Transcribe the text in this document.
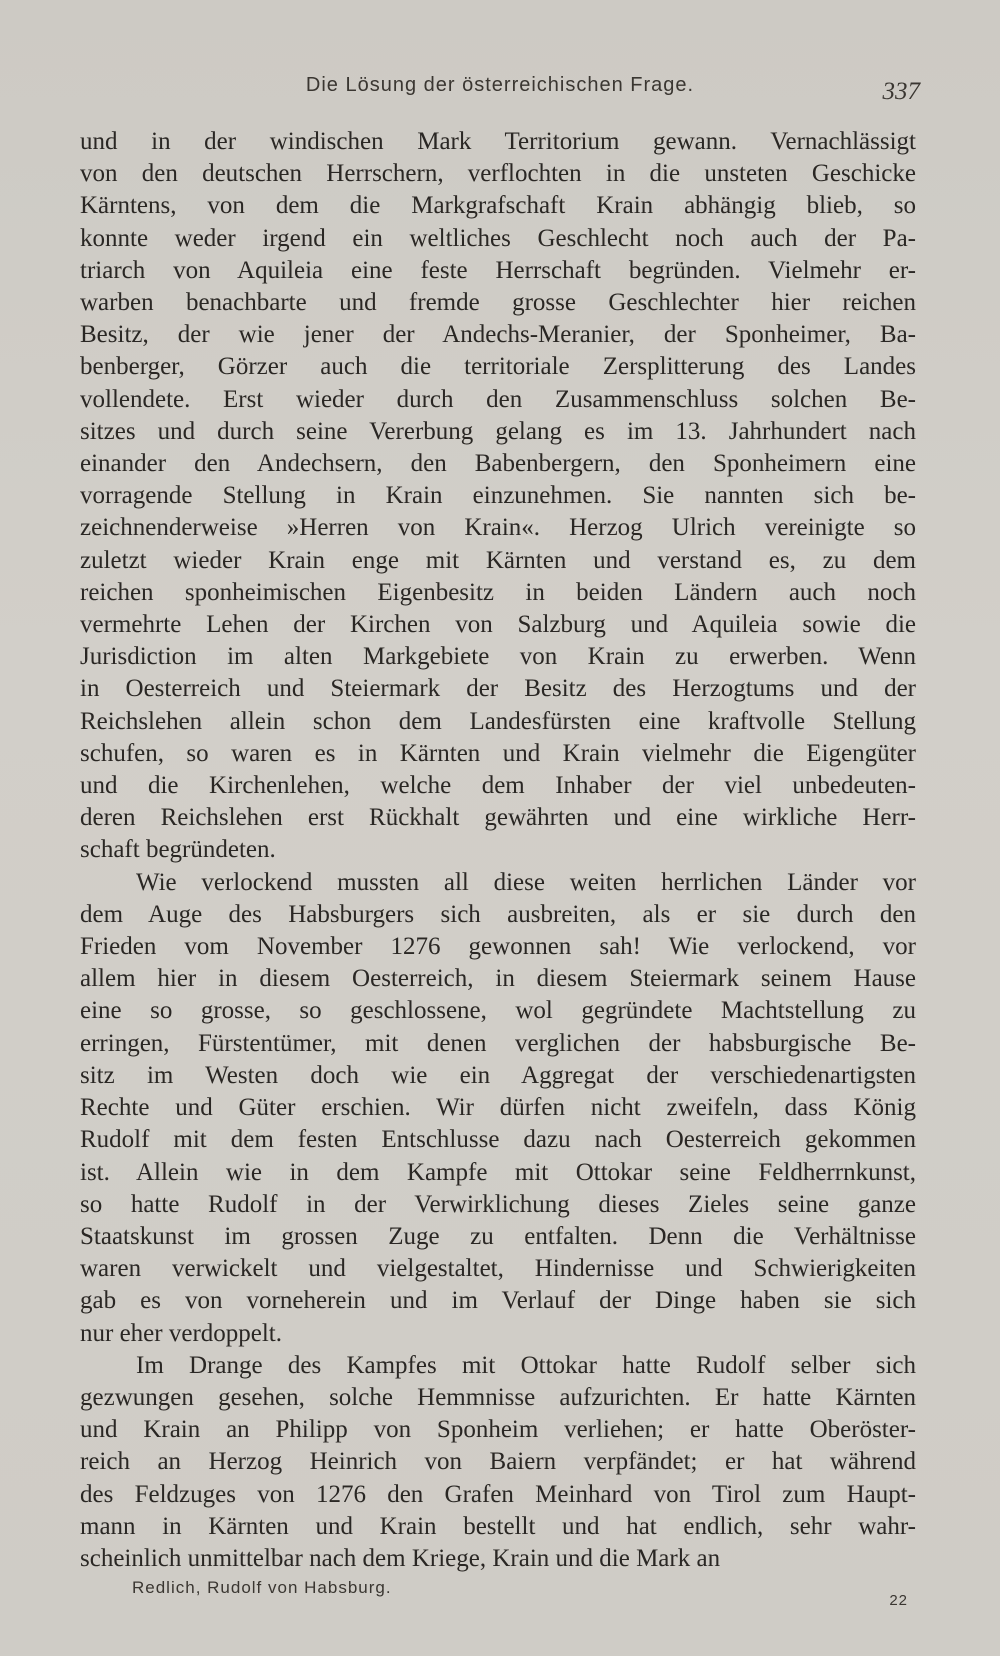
Die Lösung der österreichischen Frage.	337
und in der windischen Mark Territorium gewann. Vernachlässigt
von den deutschen Herrschern, verflochten in die unsteten Geschicke
Kärntens, von dem die Markgrafschaft Krain abhängig blieb, so
konnte weder irgend ein weltliches Geschlecht noch auch der Pa-
triarch von Aquileia eine feste Herrschaft begründen. Vielmehr er-
warben benachbarte und fremde grosse Geschlechter hier reichen
Besitz, der wie jener der Andechs-Meranier, der Sponheimer, Ba-
benberger, Görzer auch die territoriale Zersplitterung des Landes
vollendete. Erst wieder durch den Zusammenschluss solchen Be-
sitzes und durch seine Vererbung gelang es im 13. Jahrhundert nach
einander den Andechsern, den Babenbergern, den Sponheimern eine
vorragende Stellung in Krain einzunehmen. Sie nannten sich be-
zeichnenderweise »Herren von Krain«. Herzog Ulrich vereinigte so
zuletzt wieder Krain enge mit Kärnten und verstand es, zu dem
reichen sponheimischen Eigenbesitz in beiden Ländern auch noch
vermehrte Lehen der Kirchen von Salzburg und Aquileia sowie die
Jurisdiction im alten Markgebiete von Krain zu erwerben. Wenn
in Oesterreich und Steiermark der Besitz des Herzogtums und der
Reichslehen allein schon dem Landesfürsten eine kraftvolle Stellung
schufen, so waren es in Kärnten und Krain vielmehr die Eigengüter
und die Kirchenlehen, welche dem Inhaber der viel unbedeuten-
deren Reichslehen erst Rückhalt gewährten und eine wirkliche Herr-
schaft begründeten.
Wie verlockend mussten all diese weiten herrlichen Länder vor
dem Auge des Habsburgers sich ausbreiten, als er sie durch den
Frieden vom November 1276 gewonnen sah! Wie verlockend, vor
allem hier in diesem Oesterreich, in diesem Steiermark seinem Hause
eine so grosse, so geschlossene, wol gegründete Machtstellung zu
erringen, Fürstentümer, mit denen verglichen der habsburgische Be-
sitz im Westen doch wie ein Aggregat der verschiedenartigsten
Rechte und Güter erschien. Wir dürfen nicht zweifeln, dass König
Rudolf mit dem festen Entschlusse dazu nach Oesterreich gekommen
ist. Allein wie in dem Kampfe mit Ottokar seine Feldherrnkunst,
so hatte Rudolf in der Verwirklichung dieses Zieles seine ganze
Staatskunst im grossen Zuge zu entfalten. Denn die Verhältnisse
waren verwickelt und vielgestaltet, Hindernisse und Schwierigkeiten
gab es von vorneherein und im Verlauf der Dinge haben sie sich
nur eher verdoppelt.
Im Drange des Kampfes mit Ottokar hatte Rudolf selber sich
gezwungen gesehen, solche Hemmnisse aufzurichten. Er hatte Kärnten
und Krain an Philipp von Sponheim verliehen; er hatte Oberöster-
reich an Herzog Heinrich von Baiern verpfändet; er hat während
des Feldzuges von 1276 den Grafen Meinhard von Tirol zum Haupt-
mann in Kärnten und Krain bestellt und hat endlich, sehr wahr-
scheinlich unmittelbar nach dem Kriege, Krain und die Mark an
Redlich, Rudolf von Habsburg.
22
